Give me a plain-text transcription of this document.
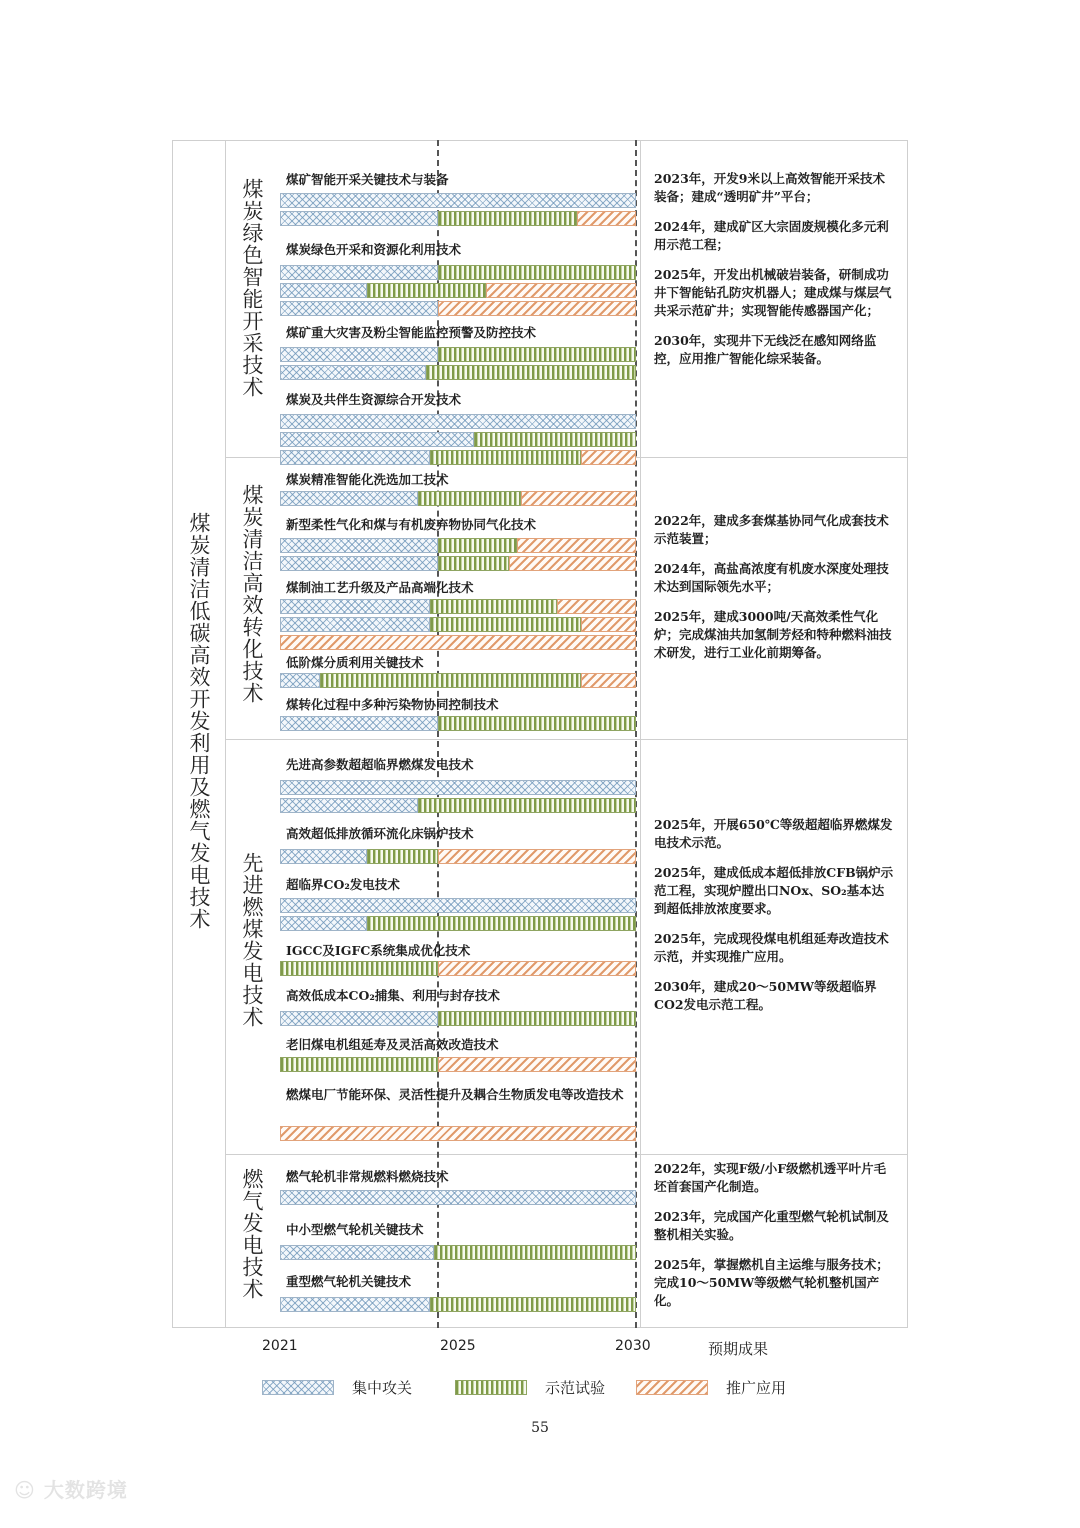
煤炭清洁低碳高效开发利用及燃气发电技术
煤炭绿色智能开采技术
煤炭清洁高效转化技术
先进燃煤发电技术
燃气发电技术
煤矿智能开采关键技术与装备
煤炭绿色开采和资源化利用技术
煤矿重大灾害及粉尘智能监控预警及防控技术
煤炭及共伴生资源综合开发技术
煤炭精准智能化洗选加工技术
新型柔性气化和煤与有机废弃物协同气化技术
煤制油工艺升级及产品高端化技术
低阶煤分质利用关键技术
煤转化过程中多种污染物协同控制技术
先进高参数超超临界燃煤发电技术
高效超低排放循环流化床锅炉技术
超临界CO₂发电技术
IGCC及IGFC系统集成优化技术
高效低成本CO₂捕集、利用与封存技术
老旧煤电机组延寿及灵活高效改造技术
燃煤电厂节能环保、灵活性提升及耦合生物质发电等改造技术
燃气轮机非常规燃料燃烧技术
中小型燃气轮机关键技术
重型燃气轮机关键技术

2023年，开发9米以上高效智能开采技术装备；建成“透明矿井”平台；

2024年，建成矿区大宗固废规模化多元利用示范工程；

2025年，开发出机械破岩装备，研制成功井下智能钻孔防灾机器人；建成煤与煤层气共采示范矿井；实现智能传感器国产化；

2030年，实现井下无线泛在感知网络监控，应用推广智能化综采装备。

2022年，建成多套煤基协同气化成套技术示范装置；

2024年，高盐高浓度有机废水深度处理技术达到国际领先水平；

2025年，建成3000吨/天高效柔性气化炉；完成煤油共加氢制芳烃和特种燃料油技术研发，进行工业化前期筹备。

2025年，开展650℃等级超超临界燃煤发电技术示范。

2025年，建成低成本超低排放CFB锅炉示范工程，实现炉膛出口NOx、SO₂基本达到超低排放浓度要求。

2025年，完成现役煤电机组延寿改造技术示范，并实现推广应用。

2030年，建成20～50MW等级超临界CO2发电示范工程。

2022年，实现F级/小F级燃机透平叶片毛坯首套国产化制造。

2023年，完成国产化重型燃气轮机试制及整机相关实验。

2025年，掌握燃机自主运维与服务技术；完成10～50MW等级燃气轮机整机国产化。

2021	2025	2030	预期成果
集中攻关	示范试验	推广应用
55
☺ 大数跨境
